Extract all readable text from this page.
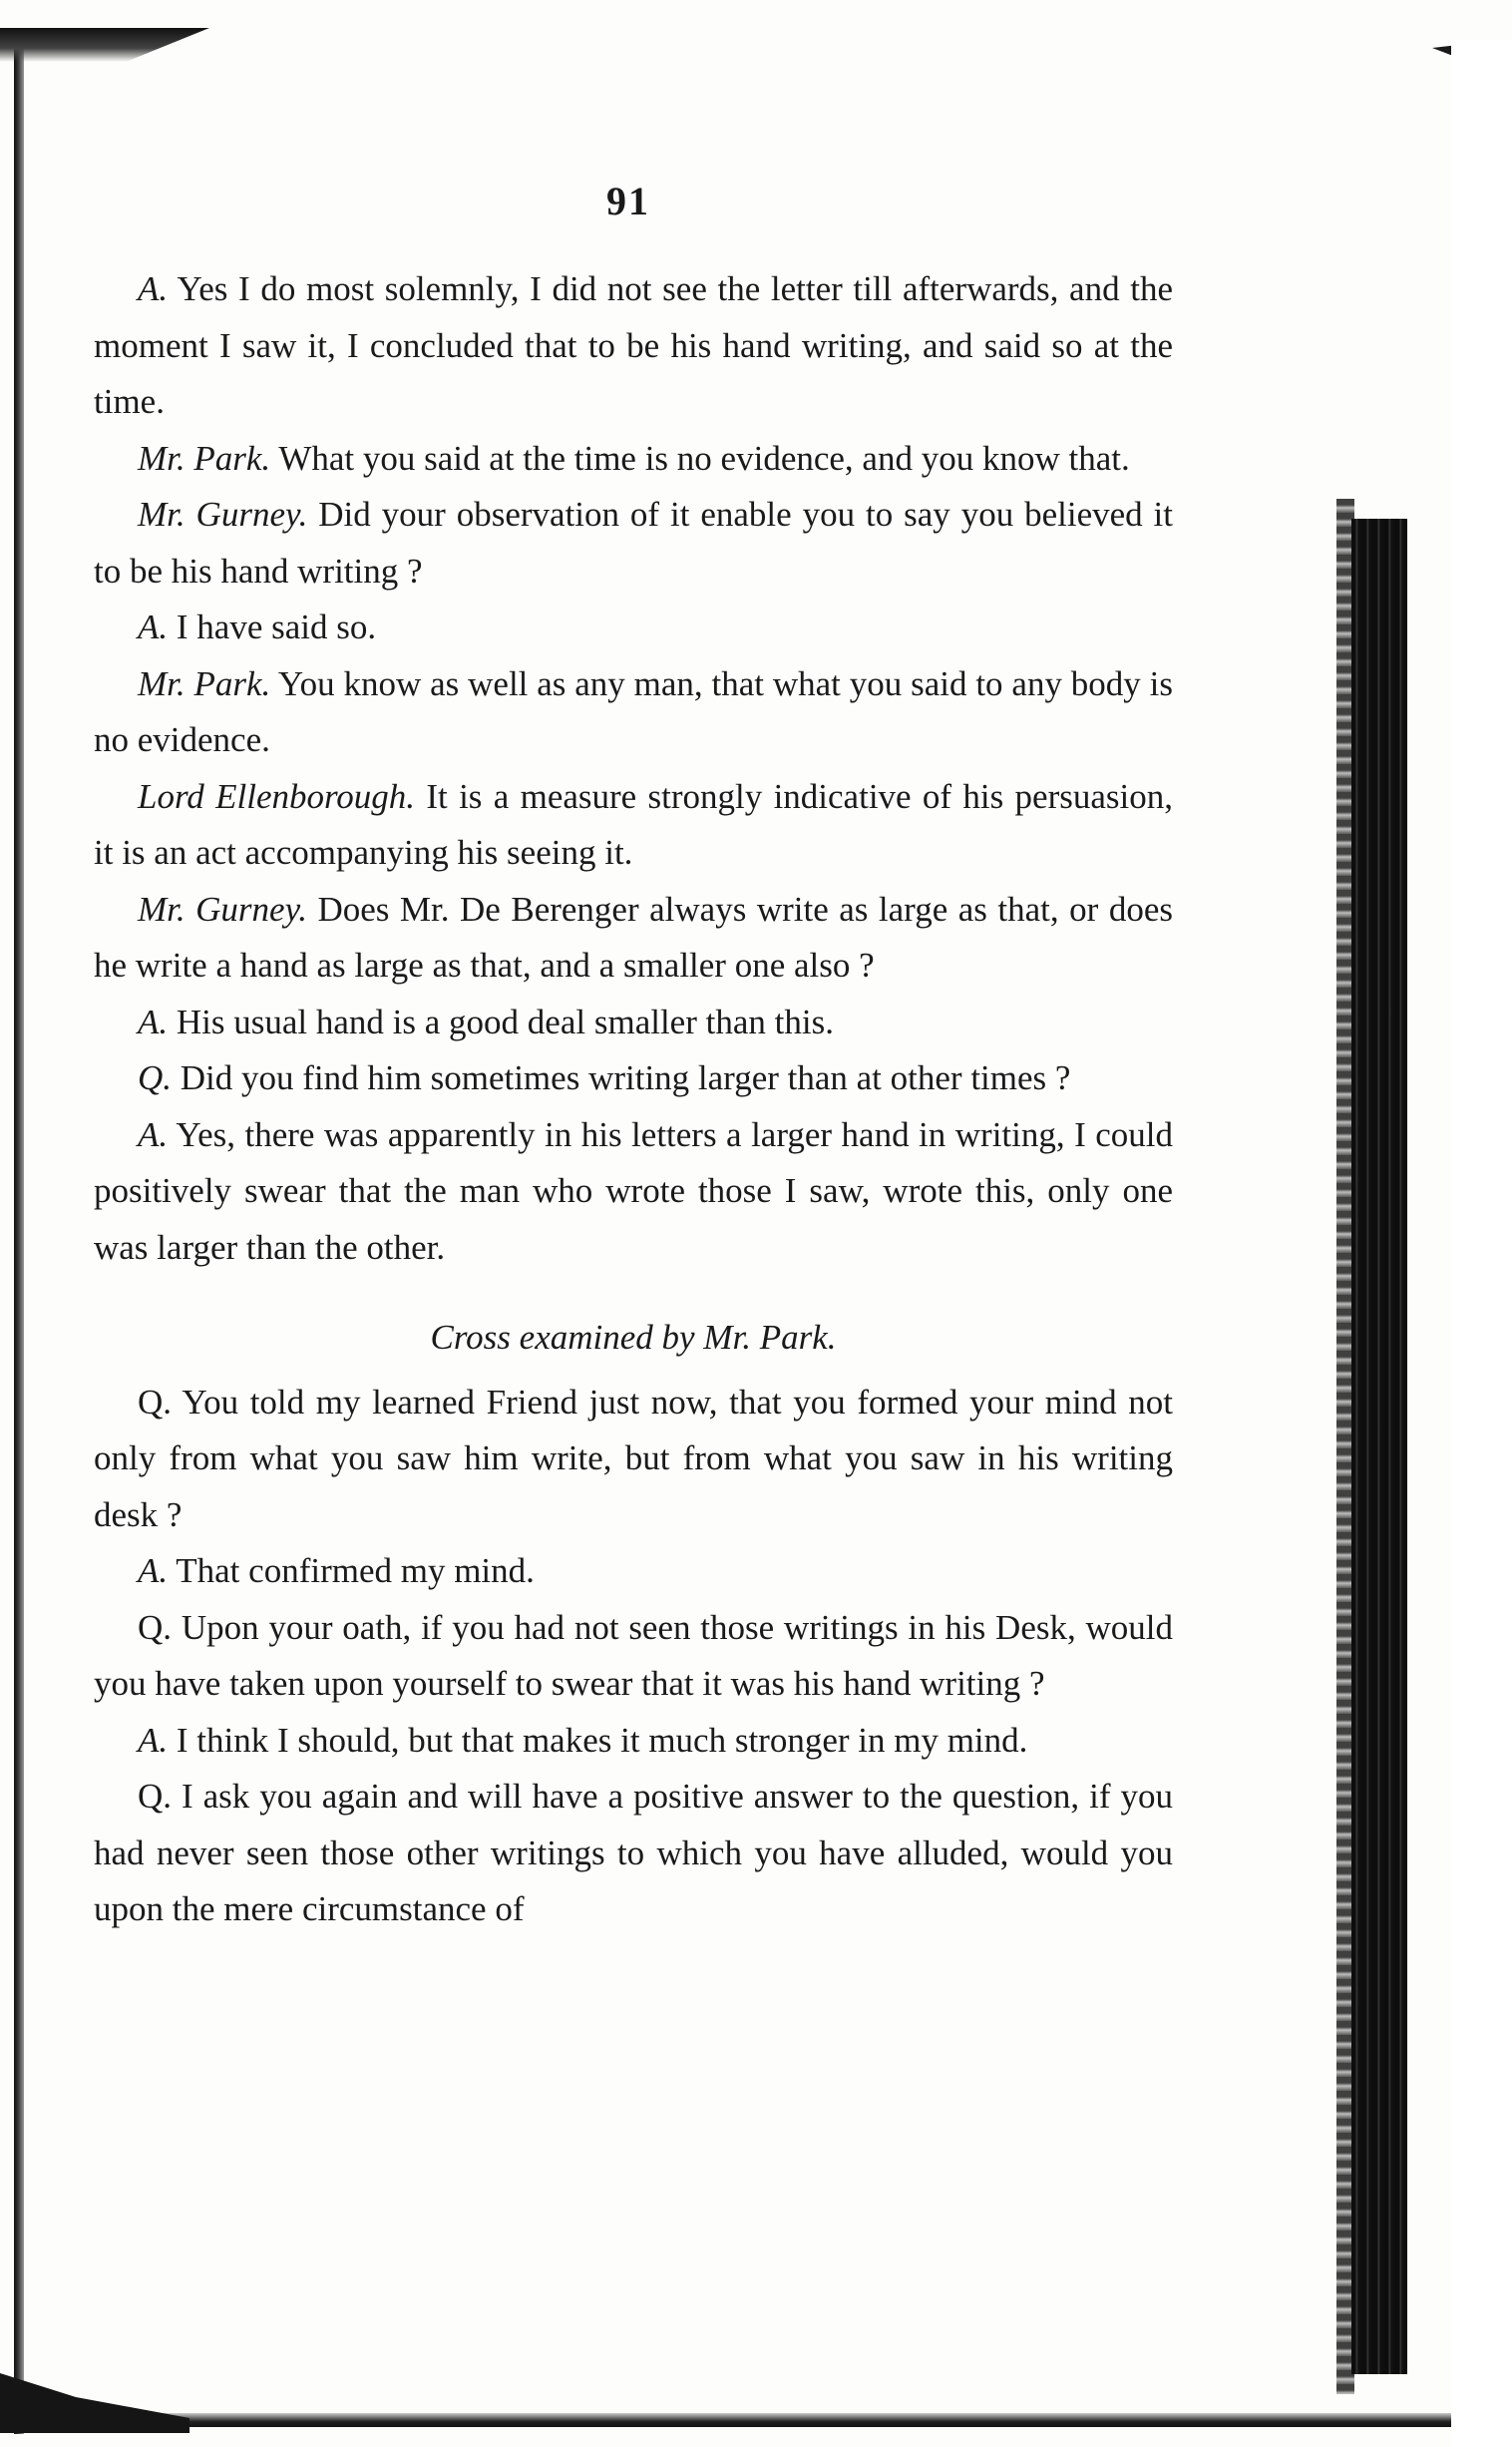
91

A. Yes I do most solemnly, I did not see the letter till afterwards, and the moment I saw it, I concluded that to be his hand writing, and said so at the time.

Mr. Park. What you said at the time is no evidence, and you know that.

Mr. Gurney. Did your observation of it enable you to say you believed it to be his hand writing ?

A. I have said so.

Mr. Park. You know as well as any man, that what you said to any body is no evidence.

Lord Ellenborough. It is a measure strongly indicative of his persuasion, it is an act accompanying his seeing it.

Mr. Gurney. Does Mr. De Berenger always write as large as that, or does he write a hand as large as that, and a smaller one also ?

A. His usual hand is a good deal smaller than this.

Q. Did you find him sometimes writing larger than at other times ?

A. Yes, there was apparently in his letters a larger hand in writing, I could positively swear that the man who wrote those I saw, wrote this, only one was larger than the other.

Cross examined by Mr. Park.

Q. You told my learned Friend just now, that you formed your mind not only from what you saw him write, but from what you saw in his writing desk ?

A. That confirmed my mind.

Q. Upon your oath, if you had not seen those writings in his Desk, would you have taken upon yourself to swear that it was his hand writing ?

A. I think I should, but that makes it much stronger in my mind.

Q. I ask you again and will have a positive answer to the question, if you had never seen those other writings to which you have alluded, would you upon the mere circumstance of
